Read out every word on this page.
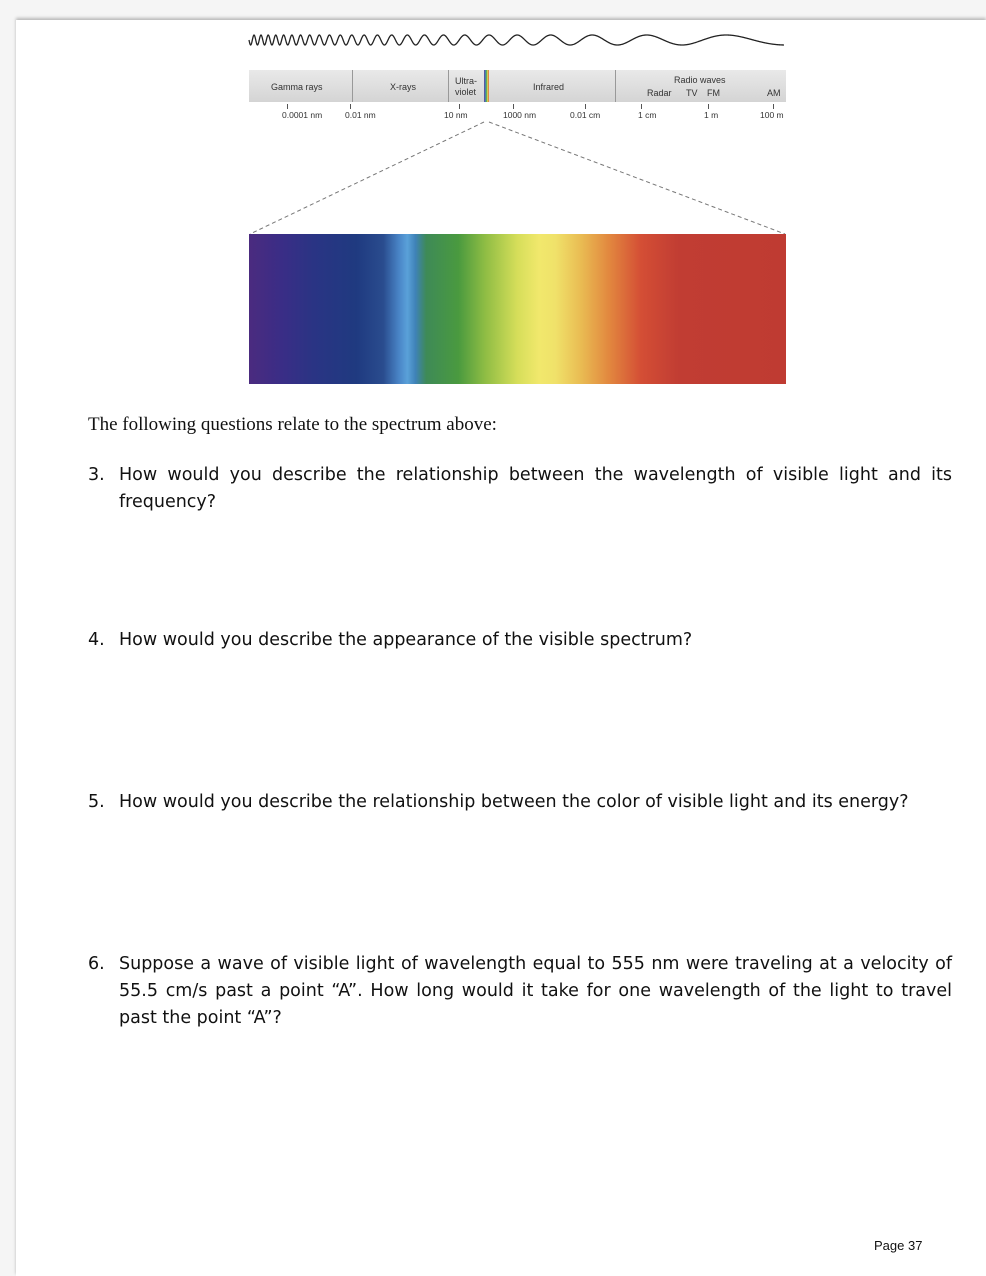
Gamma rays	X-rays
Ultra-
violet	Infrared
Radio waves
Radar TV FM	AM
0.0001 nm	0.01 nm	10 nm	1000 nm	0.01 cm	1 cm	1 m	100 m
The following questions relate to the spectrum above:
3. How would you describe the relationship between the wavelength of visible light and its frequency?
4. How would you describe the appearance of the visible spectrum?
5. How would you describe the relationship between the color of visible light and its energy?
6. Suppose a wave of visible light of wavelength equal to 555 nm were traveling at a velocity of 55.5 cm/s past a point “A”. How long would it take for one wavelength of the light to travel past the point “A”?
Page 37
